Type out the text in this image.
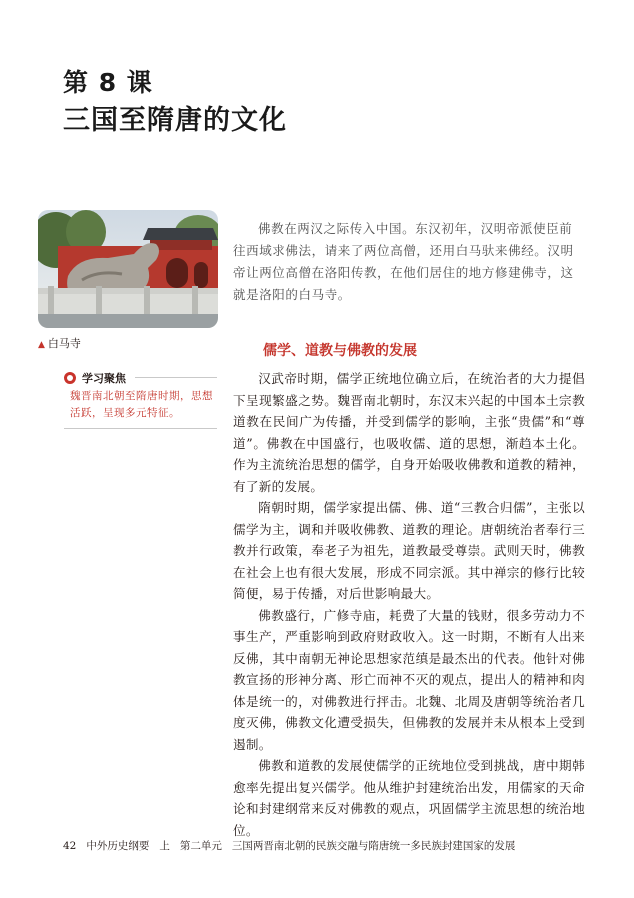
第 8 课
三国至隋唐的文化
▲ 白马寺
学习聚焦
魏晋南北朝至隋唐时期，思想活跃，呈现多元特征。

佛教在两汉之际传入中国。东汉初年，汉明帝派使臣前往西域求佛法，请来了两位高僧，还用白马驮来佛经。汉明帝让两位高僧在洛阳传教，在他们居住的地方修建佛寺，这就是洛阳的白马寺。

儒学、道教与佛教的发展

汉武帝时期，儒学正统地位确立后，在统治者的大力提倡下呈现繁盛之势。魏晋南北朝时，东汉末兴起的中国本土宗教道教在民间广为传播，并受到儒学的影响，主张“贵儒”和“尊道”。佛教在中国盛行，也吸收儒、道的思想，渐趋本土化。作为主流统治思想的儒学，自身开始吸收佛教和道教的精神，有了新的发展。

隋朝时期，儒学家提出儒、佛、道“三教合归儒”，主张以儒学为主，调和并吸收佛教、道教的理论。唐朝统治者奉行三教并行政策，奉老子为祖先，道教最受尊崇。武则天时，佛教在社会上也有很大发展，形成不同宗派。其中禅宗的修行比较简便，易于传播，对后世影响最大。

佛教盛行，广修寺庙，耗费了大量的钱财，很多劳动力不事生产，严重影响到政府财政收入。这一时期，不断有人出来反佛，其中南朝无神论思想家范缜是最杰出的代表。他针对佛教宣扬的形神分离、形亡而神不灭的观点，提出人的精神和肉体是统一的，对佛教进行抨击。北魏、北周及唐朝等统治者几度灭佛，佛教文化遭受损失，但佛教的发展并未从根本上受到遏制。

佛教和道教的发展使儒学的正统地位受到挑战，唐中期韩愈率先提出复兴儒学。他从维护封建统治出发，用儒家的天命论和封建纲常来反对佛教的观点，巩固儒学主流思想的统治地位。

42 中外历史纲要 上 第二单元 三国两晋南北朝的民族交融与隋唐统一多民族封建国家的发展
